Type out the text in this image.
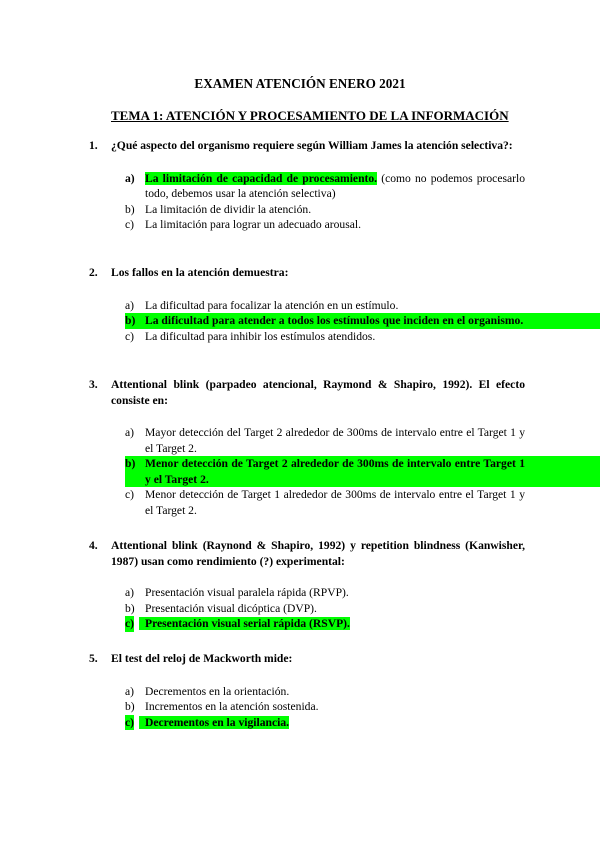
EXAMEN ATENCIÓN ENERO 2021
TEMA 1: ATENCIÓN Y PROCESAMIENTO DE LA INFORMACIÓN
1. ¿Qué aspecto del organismo requiere según William James la atención selectiva?:
a) La limitación de capacidad de procesamiento. (como no podemos procesarlo todo, debemos usar la atención selectiva)
b) La limitación de dividir la atención.
c) La limitación para lograr un adecuado arousal.
2. Los fallos en la atención demuestra:
a) La dificultad para focalizar la atención en un estímulo.
b) La dificultad para atender a todos los estímulos que inciden en el organismo.
c) La dificultad para inhibir los estímulos atendidos.
3. Attentional blink (parpadeo atencional, Raymond & Shapiro, 1992). El efecto consiste en:
a) Mayor detección del Target 2 alrededor de 300ms de intervalo entre el Target 1 y el Target 2.
b) Menor detección de Target 2 alrededor de 300ms de intervalo entre Target 1 y el Target 2.
c) Menor detección de Target 1 alrededor de 300ms de intervalo entre el Target 1 y el Target 2.
4. Attentional blink (Raynond & Shapiro, 1992) y repetition blindness (Kanwisher, 1987) usan como rendimiento (?) experimental:
a) Presentación visual paralela rápida (RPVP).
b) Presentación visual dicóptica (DVP).
c) Presentación visual serial rápida (RSVP).
5. El test del reloj de Mackworth mide:
a) Decrementos en la orientación.
b) Incrementos en la atención sostenida.
c) Decrementos en la vigilancia.
